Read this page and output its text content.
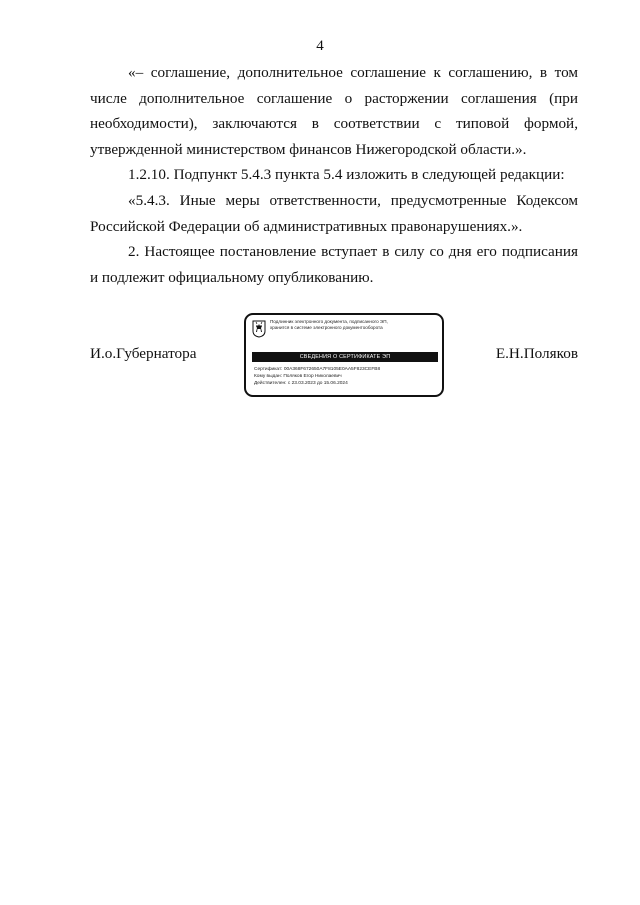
4

«– соглашение, дополнительное соглашение к соглашению, в том числе дополнительное соглашение о расторжении соглашения (при необходимости), заключаются в соответствии с типовой формой, утвержденной министерством финансов Нижегородской области.».

1.2.10. Подпункт 5.4.3 пункта 5.4 изложить в следующей редакции:

«5.4.3. Иные меры ответственности, предусмотренные Кодексом Российской Федерации об административных правонарушениях.».

2. Настоящее постановление вступает в силу со дня его подписания и подлежит официальному опубликованию.

И.о.Губернатора	Е.Н.Поляков
Подлинник электронного документа, подписанного ЭП,
хранится в системе электронного документооборота
СВЕДЕНИЯ О СЕРТИФИКАТЕ ЭП
Сертификат: 00A368F672650A7F8105E0AA5F823CEFB8
Кому выдан: Поляков Егор Николаевич
Действителен: с 23.03.2023 до 15.06.2024
